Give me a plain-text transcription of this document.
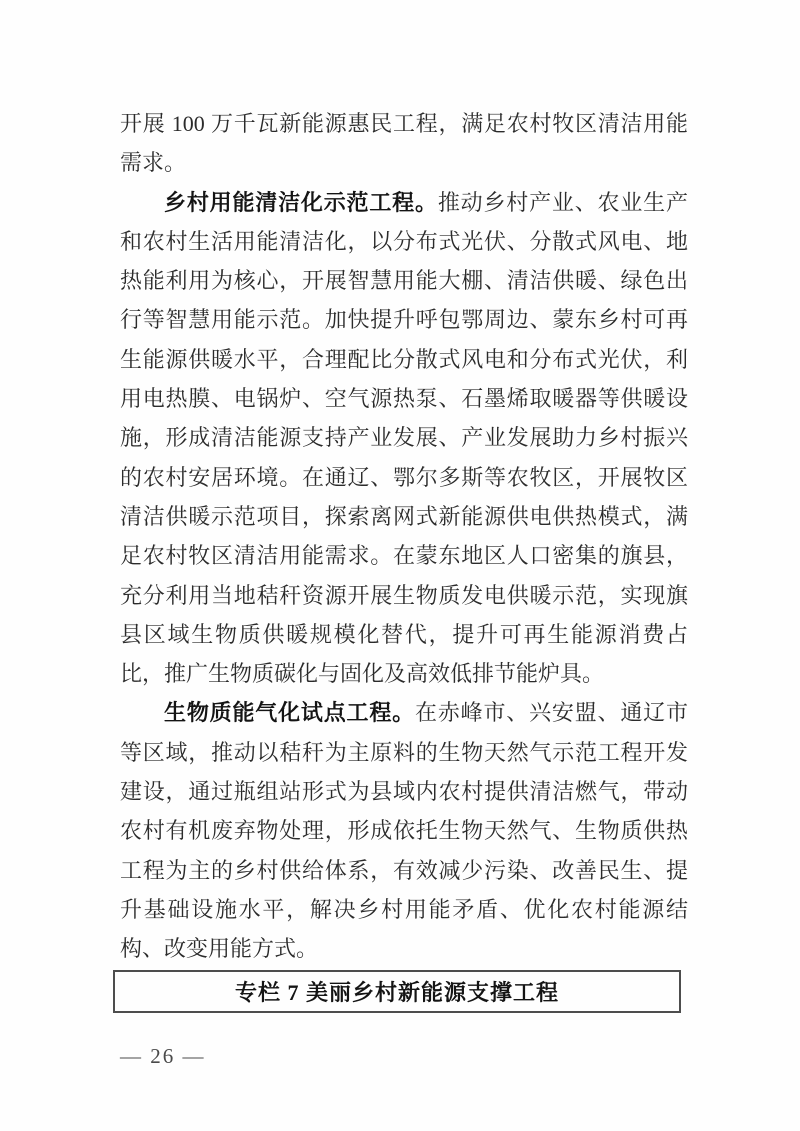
开展 100 万千瓦新能源惠民工程，满足农村牧区清洁用能需求。

乡村用能清洁化示范工程。推动乡村产业、农业生产和农村生活用能清洁化，以分布式光伏、分散式风电、地热能利用为核心，开展智慧用能大棚、清洁供暖、绿色出行等智慧用能示范。加快提升呼包鄂周边、蒙东乡村可再生能源供暖水平，合理配比分散式风电和分布式光伏，利用电热膜、电锅炉、空气源热泵、石墨烯取暖器等供暖设施，形成清洁能源支持产业发展、产业发展助力乡村振兴的农村安居环境。在通辽、鄂尔多斯等农牧区，开展牧区清洁供暖示范项目，探索离网式新能源供电供热模式，满足农村牧区清洁用能需求。在蒙东地区人口密集的旗县，充分利用当地秸秆资源开展生物质发电供暖示范，实现旗县区域生物质供暖规模化替代，提升可再生能源消费占比，推广生物质碳化与固化及高效低排节能炉具。

生物质能气化试点工程。在赤峰市、兴安盟、通辽市等区域，推动以秸秆为主原料的生物天然气示范工程开发建设，通过瓶组站形式为县域内农村提供清洁燃气，带动农村有机废弃物处理，形成依托生物天然气、生物质供热工程为主的乡村供给体系，有效减少污染、改善民生、提升基础设施水平，解决乡村用能矛盾、优化农村能源结构、改变用能方式。

专栏 7 美丽乡村新能源支撑工程
— 26 —
